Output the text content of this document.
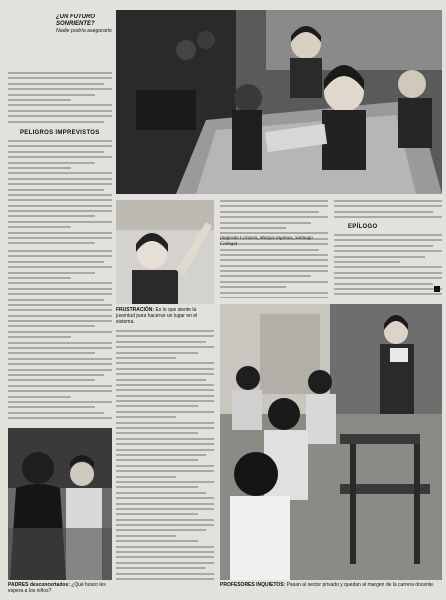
¿UN FUTURO SONRIENTE?
Nadie podría asegurarlo
PELIGROS IMPREVISTOS
PADRES desconcertados: ¿Qué futuro les espera a los niños?
FRUSTRACIÓN: Es lo que siente la juventud para hacerse un lugar en el sistema.
(Sagrado Corazón, Monjas Inglesas, Santiago College)
EPÍLOGO
PROFESORES INQUIETOS: Pasan al sector privado y quedan al margen de la carrera docente.
